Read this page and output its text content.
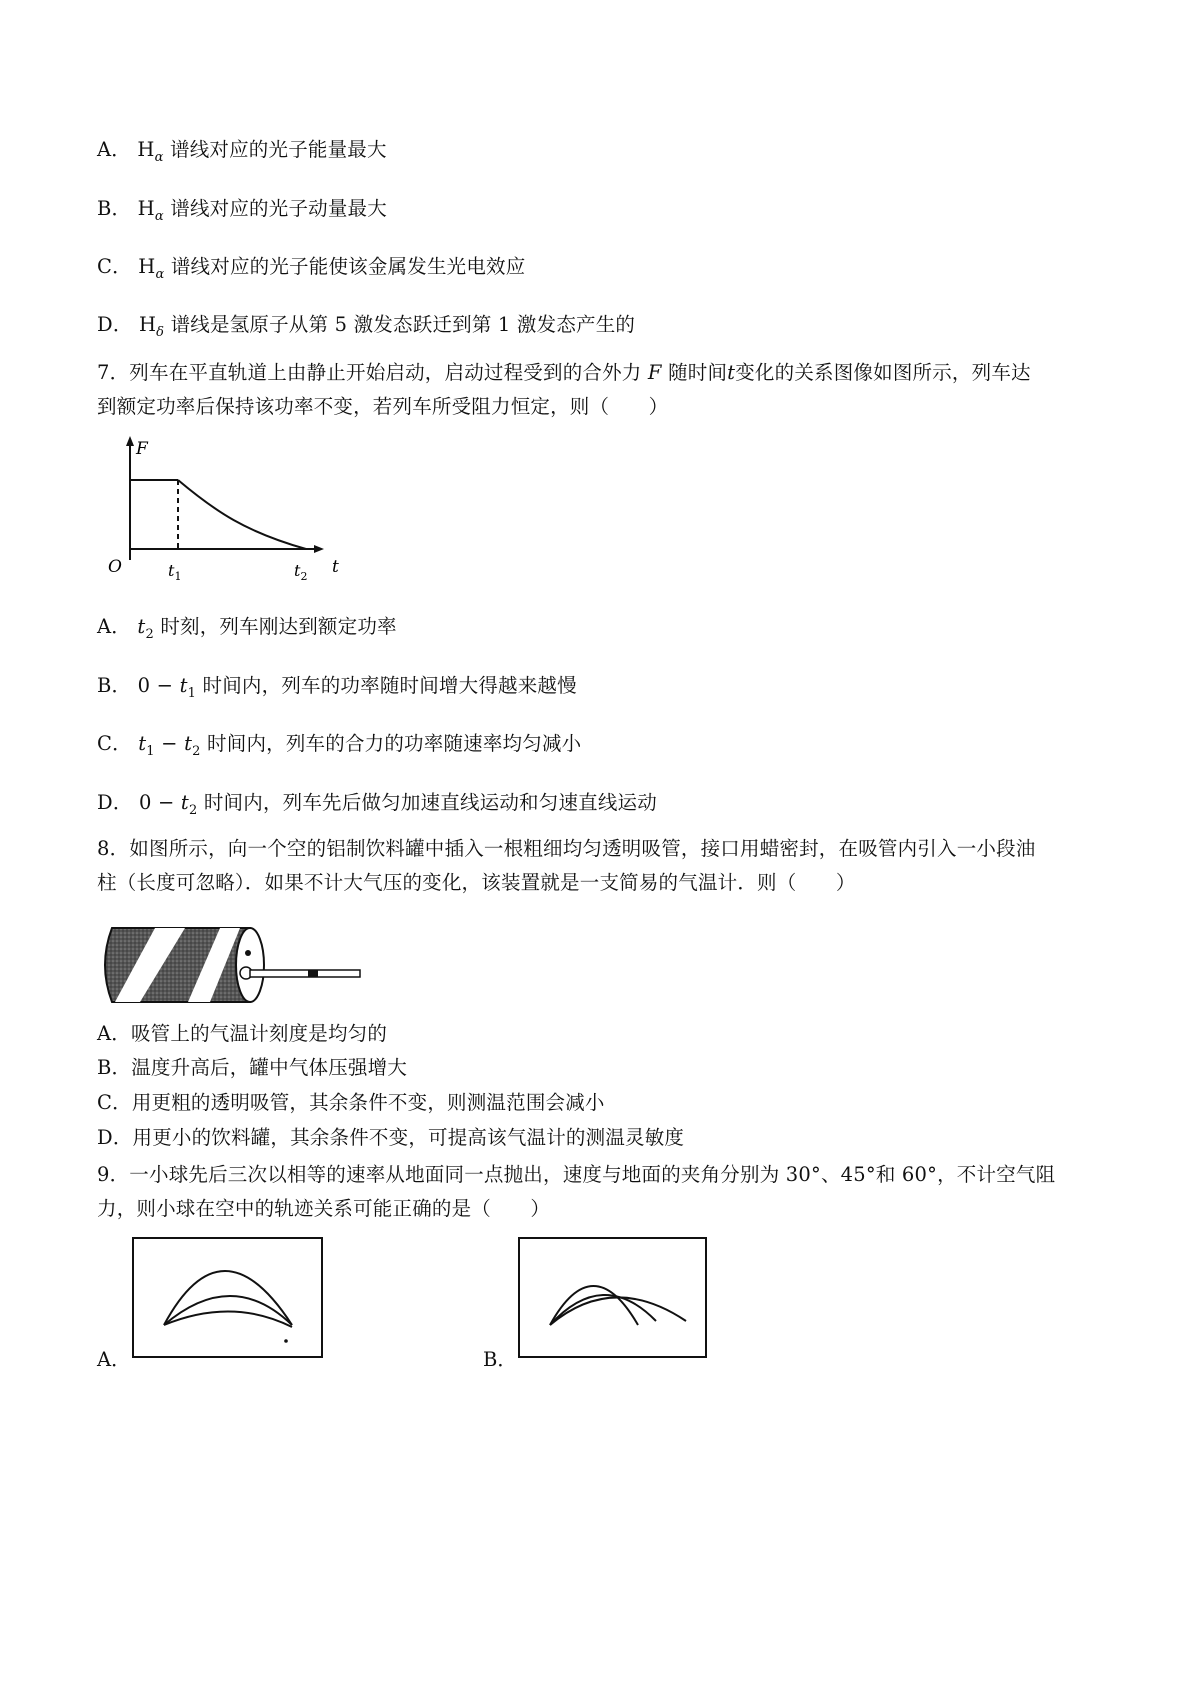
A． $H_\alpha$ 谱线对应的光子能量最大
B． $H_\alpha$ 谱线对应的光子动量最大
C． $H_\alpha$ 谱线对应的光子能使该金属发生光电效应
D． $H_\delta$ 谱线是氢原子从第 5 激发态跃迁到第 1 激发态产生的
7．列车在平直轨道上由静止开始启动，启动过程受到的合外力 F 随时间t变化的关系图像如图所示，列车达
到额定功率后保持该功率不变，若列车所受阻力恒定，则（　　）
F
t
O	$t_1$	$t_2$
A． $t_2$ 时刻，列车刚达到额定功率
B． $0 - t_1$ 时间内，列车的功率随时间增大得越来越慢
C． $t_1 - t_2$ 时间内，列车的合力的功率随速率均匀减小
D． $0 - t_2$ 时间内，列车先后做匀加速直线运动和匀速直线运动
8．如图所示，向一个空的铝制饮料罐中插入一根粗细均匀透明吸管，接口用蜡密封，在吸管内引入一小段油
柱（长度可忽略）．如果不计大气压的变化，该装置就是一支简易的气温计．则（　　）
A．吸管上的气温计刻度是均匀的
B．温度升高后，罐中气体压强增大
C．用更粗的透明吸管，其余条件不变，则测温范围会减小
D．用更小的饮料罐，其余条件不变，可提高该气温计的测温灵敏度
9．一小球先后三次以相等的速率从地面同一点抛出，速度与地面的夹角分别为 30°、45°和 60°，不计空气阻
力，则小球在空中的轨迹关系可能正确的是（　　）
A．	B．
